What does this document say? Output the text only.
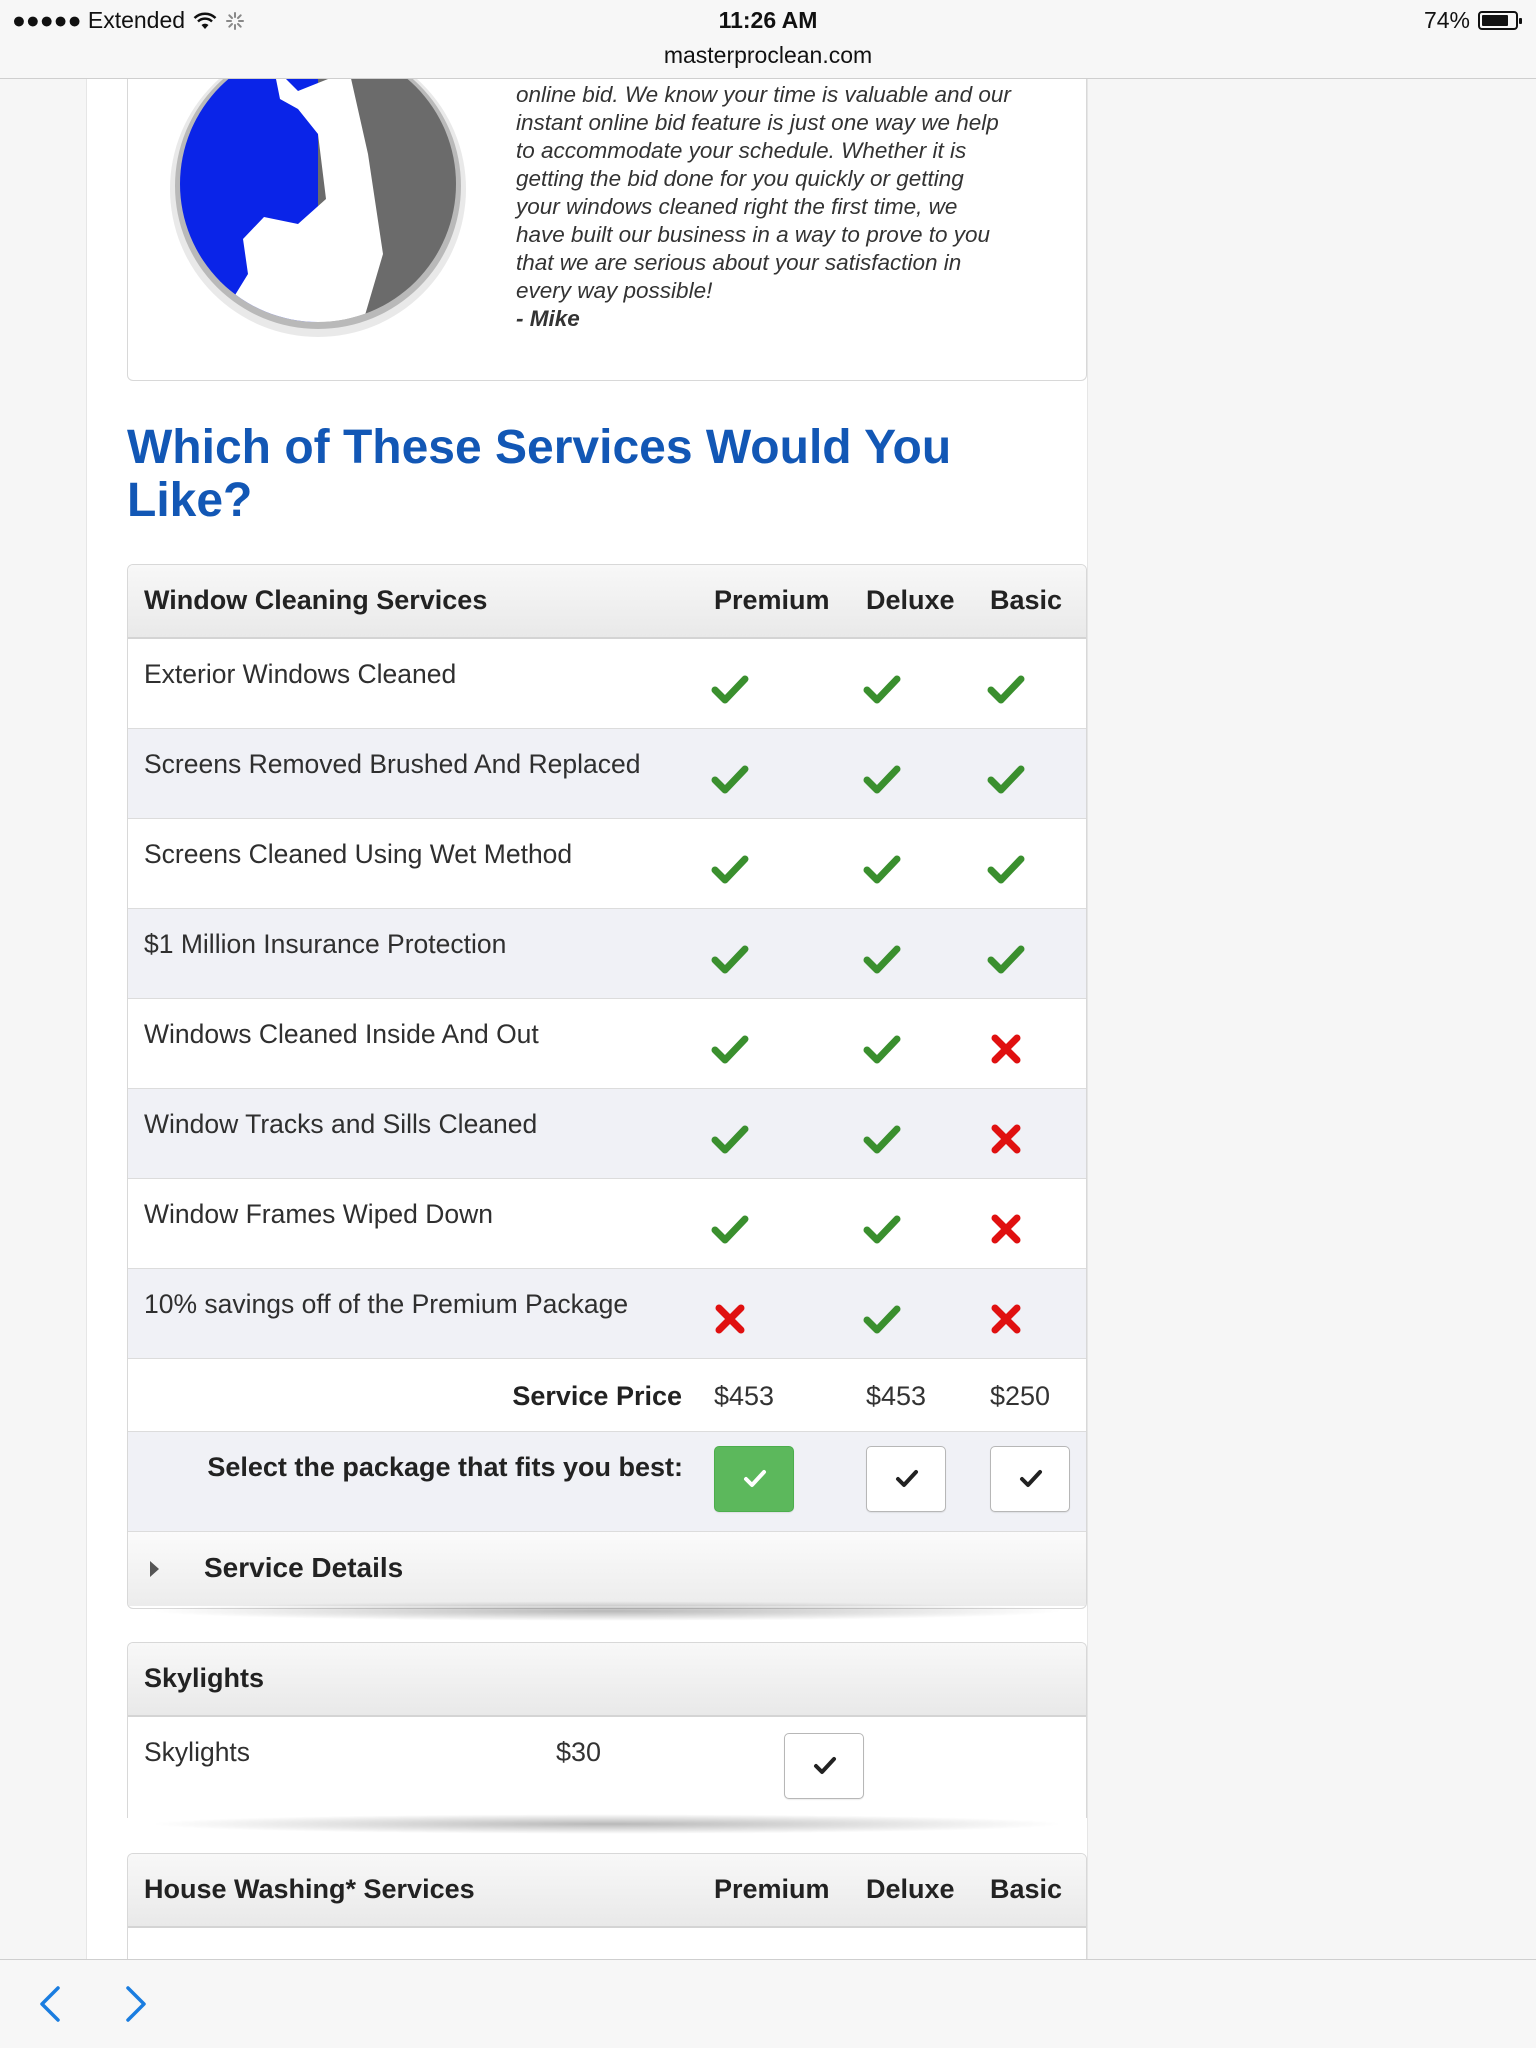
●●●●● Extended	11:26 AM	74%
masterproclean.com
online bid. We know your time is valuable and our
instant online bid feature is just one way we help
to accommodate your schedule. Whether it is
getting the bid done for you quickly or getting
your windows cleaned right the first time, we
have built our business in a way to prove to you
that we are serious about your satisfaction in
every way possible!
- Mike
Which of These Services Would You Like?
Window Cleaning Services	Premium Deluxe Basic
Exterior Windows Cleaned
Screens Removed Brushed And Replaced
Screens Cleaned Using Wet Method
$1 Million Insurance Protection
Windows Cleaned Inside And Out
Window Tracks and Sills Cleaned
Window Frames Wiped Down
10% savings off of the Premium Package
Service Price $453	$453 $250
Select the package that fits you best:
Service Details
Skylights
Skylights	$30
House Washing* Services	Premium Deluxe Basic
